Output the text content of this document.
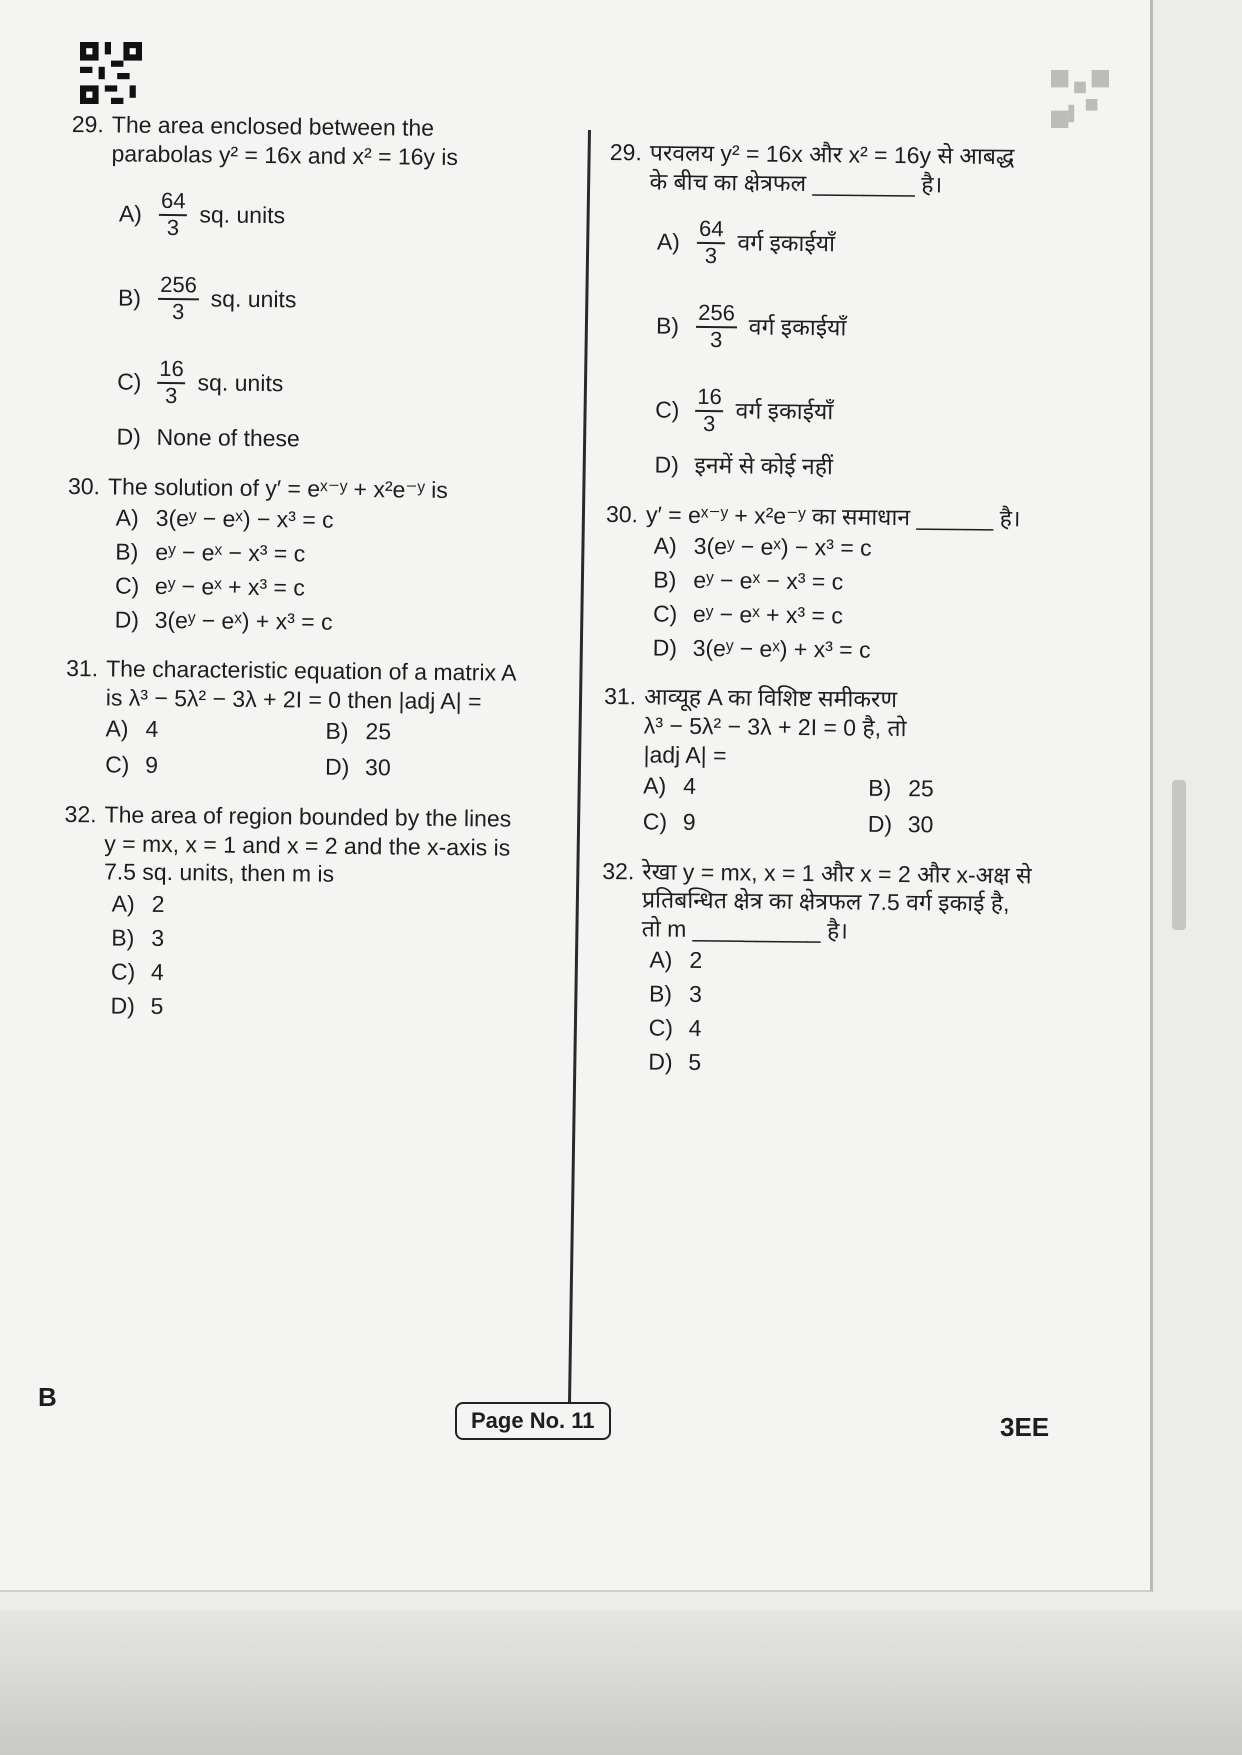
29. The area enclosed between the
parabolas y² = 16x and x² = 16y is
$A) \frac{64}{3}$ sq. units
$B) \frac{256}{3}$ sq. units
$C) \frac{16}{3}$ sq. units
D) None of these
30. The solution of y′ = eˣ⁻ʸ + x²e⁻ʸ is
A) 3(eʸ − eˣ) − x³ = c
B) eʸ − eˣ − x³ = c
C) eʸ − eˣ + x³ = c
D) 3(eʸ − eˣ) + x³ = c
31. The characteristic equation of a matrix A
is λ³ − 5λ² − 3λ + 2I = 0 then |adj A| =
A) 4	B) 25
C) 9	D) 30
32. The area of region bounded by the lines
y = mx, x = 1 and x = 2 and the x-axis is
7.5 sq. units, then m is
A) 2
B) 3
C) 4
D) 5
29. परवलय y² = 16x और x² = 16y से आबद्ध
के बीच का क्षेत्रफल ________ है।
$A) \frac{64}{3}$ वर्ग इकाईयाँ
$B) \frac{256}{3}$ वर्ग इकाईयाँ
$C) \frac{16}{3}$ वर्ग इकाईयाँ
D) इनमें से कोई नहीं
30. y′ = eˣ⁻ʸ + x²e⁻ʸ का समाधान ______ है।
A) 3(eʸ − eˣ) − x³ = c
B) eʸ − eˣ − x³ = c
C) eʸ − eˣ + x³ = c
D) 3(eʸ − eˣ) + x³ = c
31. आव्यूह A का विशिष्ट समीकरण
λ³ − 5λ² − 3λ + 2I = 0 है, तो
|adj A| =
A) 4	B) 25
C) 9	D) 30
32. रेखा y = mx, x = 1 और x = 2 और x-अक्ष से
प्रतिबन्धित क्षेत्र का क्षेत्रफल 7.5 वर्ग इकाई है,
तो m __________ है।
A) 2
B) 3
C) 4
D) 5
B
Page No. 11	3EE
